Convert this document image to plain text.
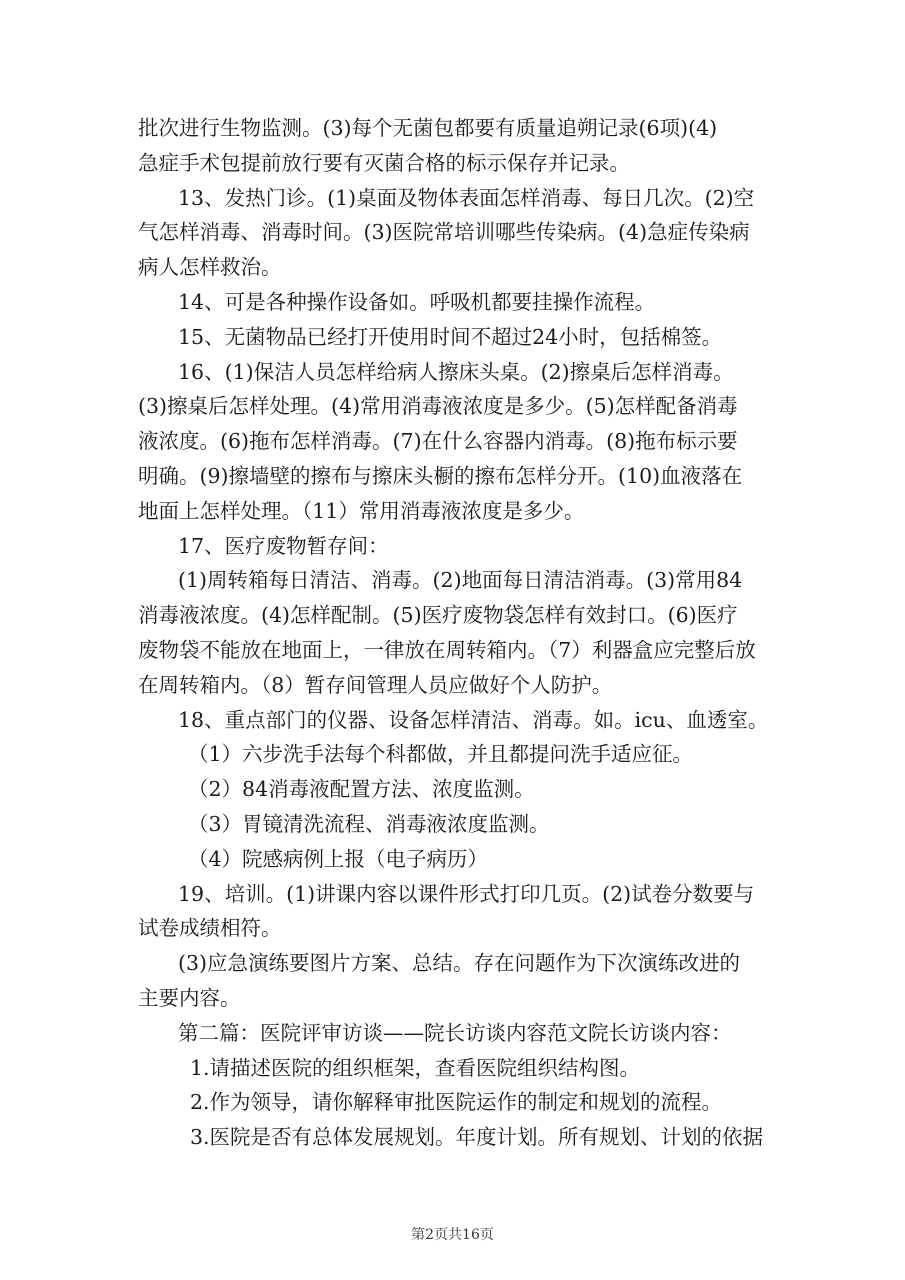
批次进行生物监测。(3)每个无菌包都要有质量追朔记录(6项)(4)
急症手术包提前放行要有灭菌合格的标示保存并记录。
13、发热门诊。(1)桌面及物体表面怎样消毒、每日几次。(2)空
气怎样消毒、消毒时间。(3)医院常培训哪些传染病。(4)急症传染病
病人怎样救治。
14、可是各种操作设备如。呼吸机都要挂操作流程。
15、无菌物品已经打开使用时间不超过24小时，包括棉签。
16、(1)保洁人员怎样给病人擦床头桌。(2)擦桌后怎样消毒。
(3)擦桌后怎样处理。(4)常用消毒液浓度是多少。(5)怎样配备消毒
液浓度。(6)拖布怎样消毒。(7)在什么容器内消毒。(8)拖布标示要
明确。(9)擦墙壁的擦布与擦床头橱的擦布怎样分开。(10)血液落在
地面上怎样处理。（11）常用消毒液浓度是多少。
17、医疗废物暂存间：
(1)周转箱每日清洁、消毒。(2)地面每日清洁消毒。(3)常用84
消毒液浓度。(4)怎样配制。(5)医疗废物袋怎样有效封口。(6)医疗
废物袋不能放在地面上，一律放在周转箱内。（7）利器盒应完整后放
在周转箱内。（8）暂存间管理人员应做好个人防护。
18、重点部门的仪器、设备怎样清洁、消毒。如。icu、血透室。
（1）六步洗手法每个科都做，并且都提问洗手适应征。
（2）84消毒液配置方法、浓度监测。
（3）胃镜清洗流程、消毒液浓度监测。
（4）院感病例上报（电子病历）
19、培训。(1)讲课内容以课件形式打印几页。(2)试卷分数要与
试卷成绩相符。
(3)应急演练要图片方案、总结。存在问题作为下次演练改进的
主要内容。
第二篇：医院评审访谈——院长访谈内容范文院长访谈内容：
1.请描述医院的组织框架，查看医院组织结构图。
2.作为领导，请你解释审批医院运作的制定和规划的流程。
3.医院是否有总体发展规划。年度计划。所有规划、计划的依据
第2页共16页
